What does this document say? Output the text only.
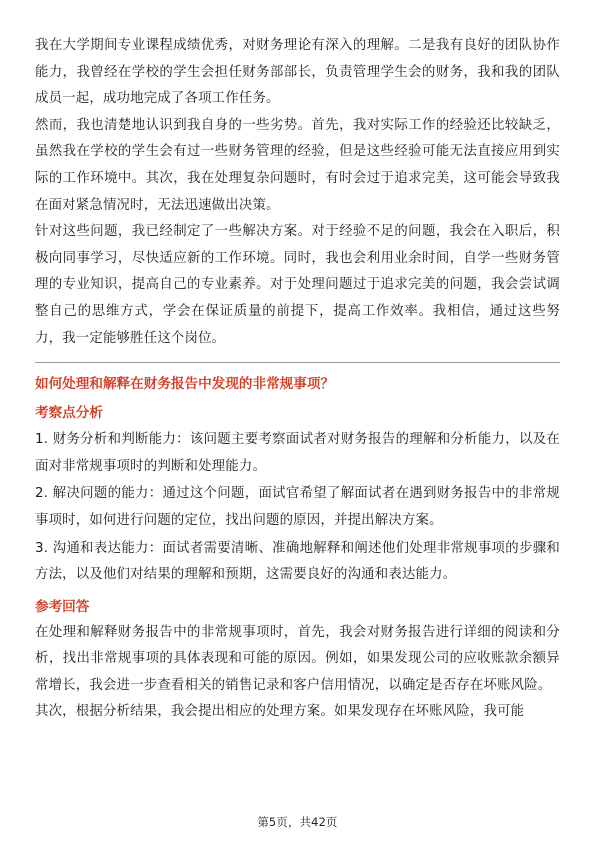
我在大学期间专业课程成绩优秀，对财务理论有深入的理解。二是我有良好的团队协作能力，我曾经在学校的学生会担任财务部部长，负责管理学生会的财务，我和我的团队成员一起，成功地完成了各项工作任务。

然而，我也清楚地认识到我自身的一些劣势。首先，我对实际工作的经验还比较缺乏，虽然我在学校的学生会有过一些财务管理的经验，但是这些经验可能无法直接应用到实际的工作环境中。其次，我在处理复杂问题时，有时会过于追求完美，这可能会导致我在面对紧急情况时，无法迅速做出决策。

针对这些问题，我已经制定了一些解决方案。对于经验不足的问题，我会在入职后，积极向同事学习，尽快适应新的工作环境。同时，我也会利用业余时间，自学一些财务管理的专业知识，提高自己的专业素养。对于处理问题过于追求完美的问题，我会尝试调整自己的思维方式，学会在保证质量的前提下，提高工作效率。我相信，通过这些努力，我一定能够胜任这个岗位。

如何处理和解释在财务报告中发现的非常规事项？

考察点分析

1. 财务分析和判断能力：该问题主要考察面试者对财务报告的理解和分析能力，以及在面对非常规事项时的判断和处理能力。

2. 解决问题的能力：通过这个问题，面试官希望了解面试者在遇到财务报告中的非常规事项时，如何进行问题的定位，找出问题的原因，并提出解决方案。

3. 沟通和表达能力：面试者需要清晰、准确地解释和阐述他们处理非常规事项的步骤和方法，以及他们对结果的理解和预期，这需要良好的沟通和表达能力。

参考回答

在处理和解释财务报告中的非常规事项时，首先，我会对财务报告进行详细的阅读和分析，找出非常规事项的具体表现和可能的原因。例如，如果发现公司的应收账款余额异常增长，我会进一步查看相关的销售记录和客户信用情况，以确定是否存在坏账风险。

其次，根据分析结果，我会提出相应的处理方案。如果发现存在坏账风险，我可能

第5页，共42页
